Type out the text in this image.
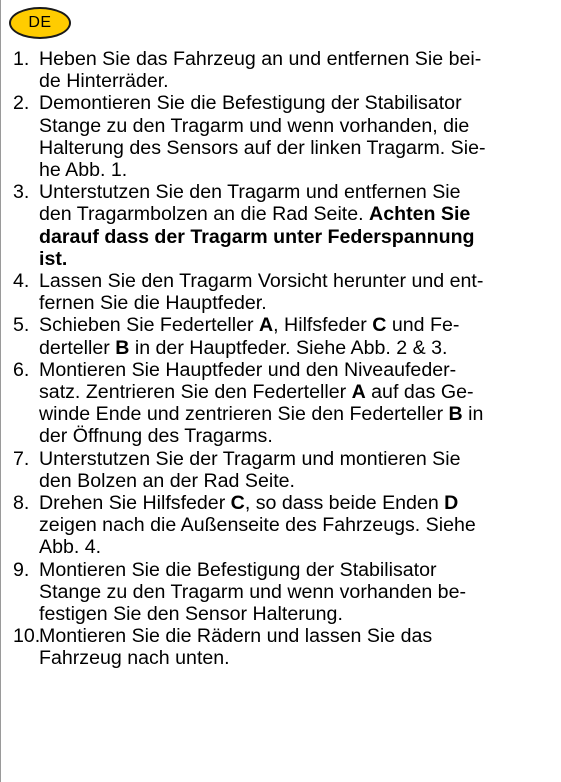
DE
1. Heben Sie das Fahrzeug an und entfernen Sie bei-
de Hinterräder.
2. Demontieren Sie die Befestigung der Stabilisator
Stange zu den Tragarm und wenn vorhanden, die
Halterung des Sensors auf der linken Tragarm. Sie-
he Abb. 1.
3. Unterstutzen Sie den Tragarm und entfernen Sie
den Tragarmbolzen an die Rad Seite. Achten Sie
darauf dass der Tragarm unter Federspannung
ist.
4. Lassen Sie den Tragarm Vorsicht herunter und ent-
fernen Sie die Hauptfeder.
5. Schieben Sie Federteller A, Hilfsfeder C und Fe-
derteller B in der Hauptfeder. Siehe Abb. 2 & 3.
6. Montieren Sie Hauptfeder und den Niveaufeder-
satz. Zentrieren Sie den Federteller A auf das Ge-
winde Ende und zentrieren Sie den Federteller B in
der Öffnung des Tragarms.
7. Unterstutzen Sie der Tragarm und montieren Sie
den Bolzen an der Rad Seite.
8. Drehen Sie Hilfsfeder C, so dass beide Enden D
zeigen nach die Außenseite des Fahrzeugs. Siehe
Abb. 4.
9. Montieren Sie die Befestigung der Stabilisator
Stange zu den Tragarm und wenn vorhanden be-
festigen Sie den Sensor Halterung.
10.
Montieren Sie die Rädern und lassen Sie das
Fahrzeug nach unten.
